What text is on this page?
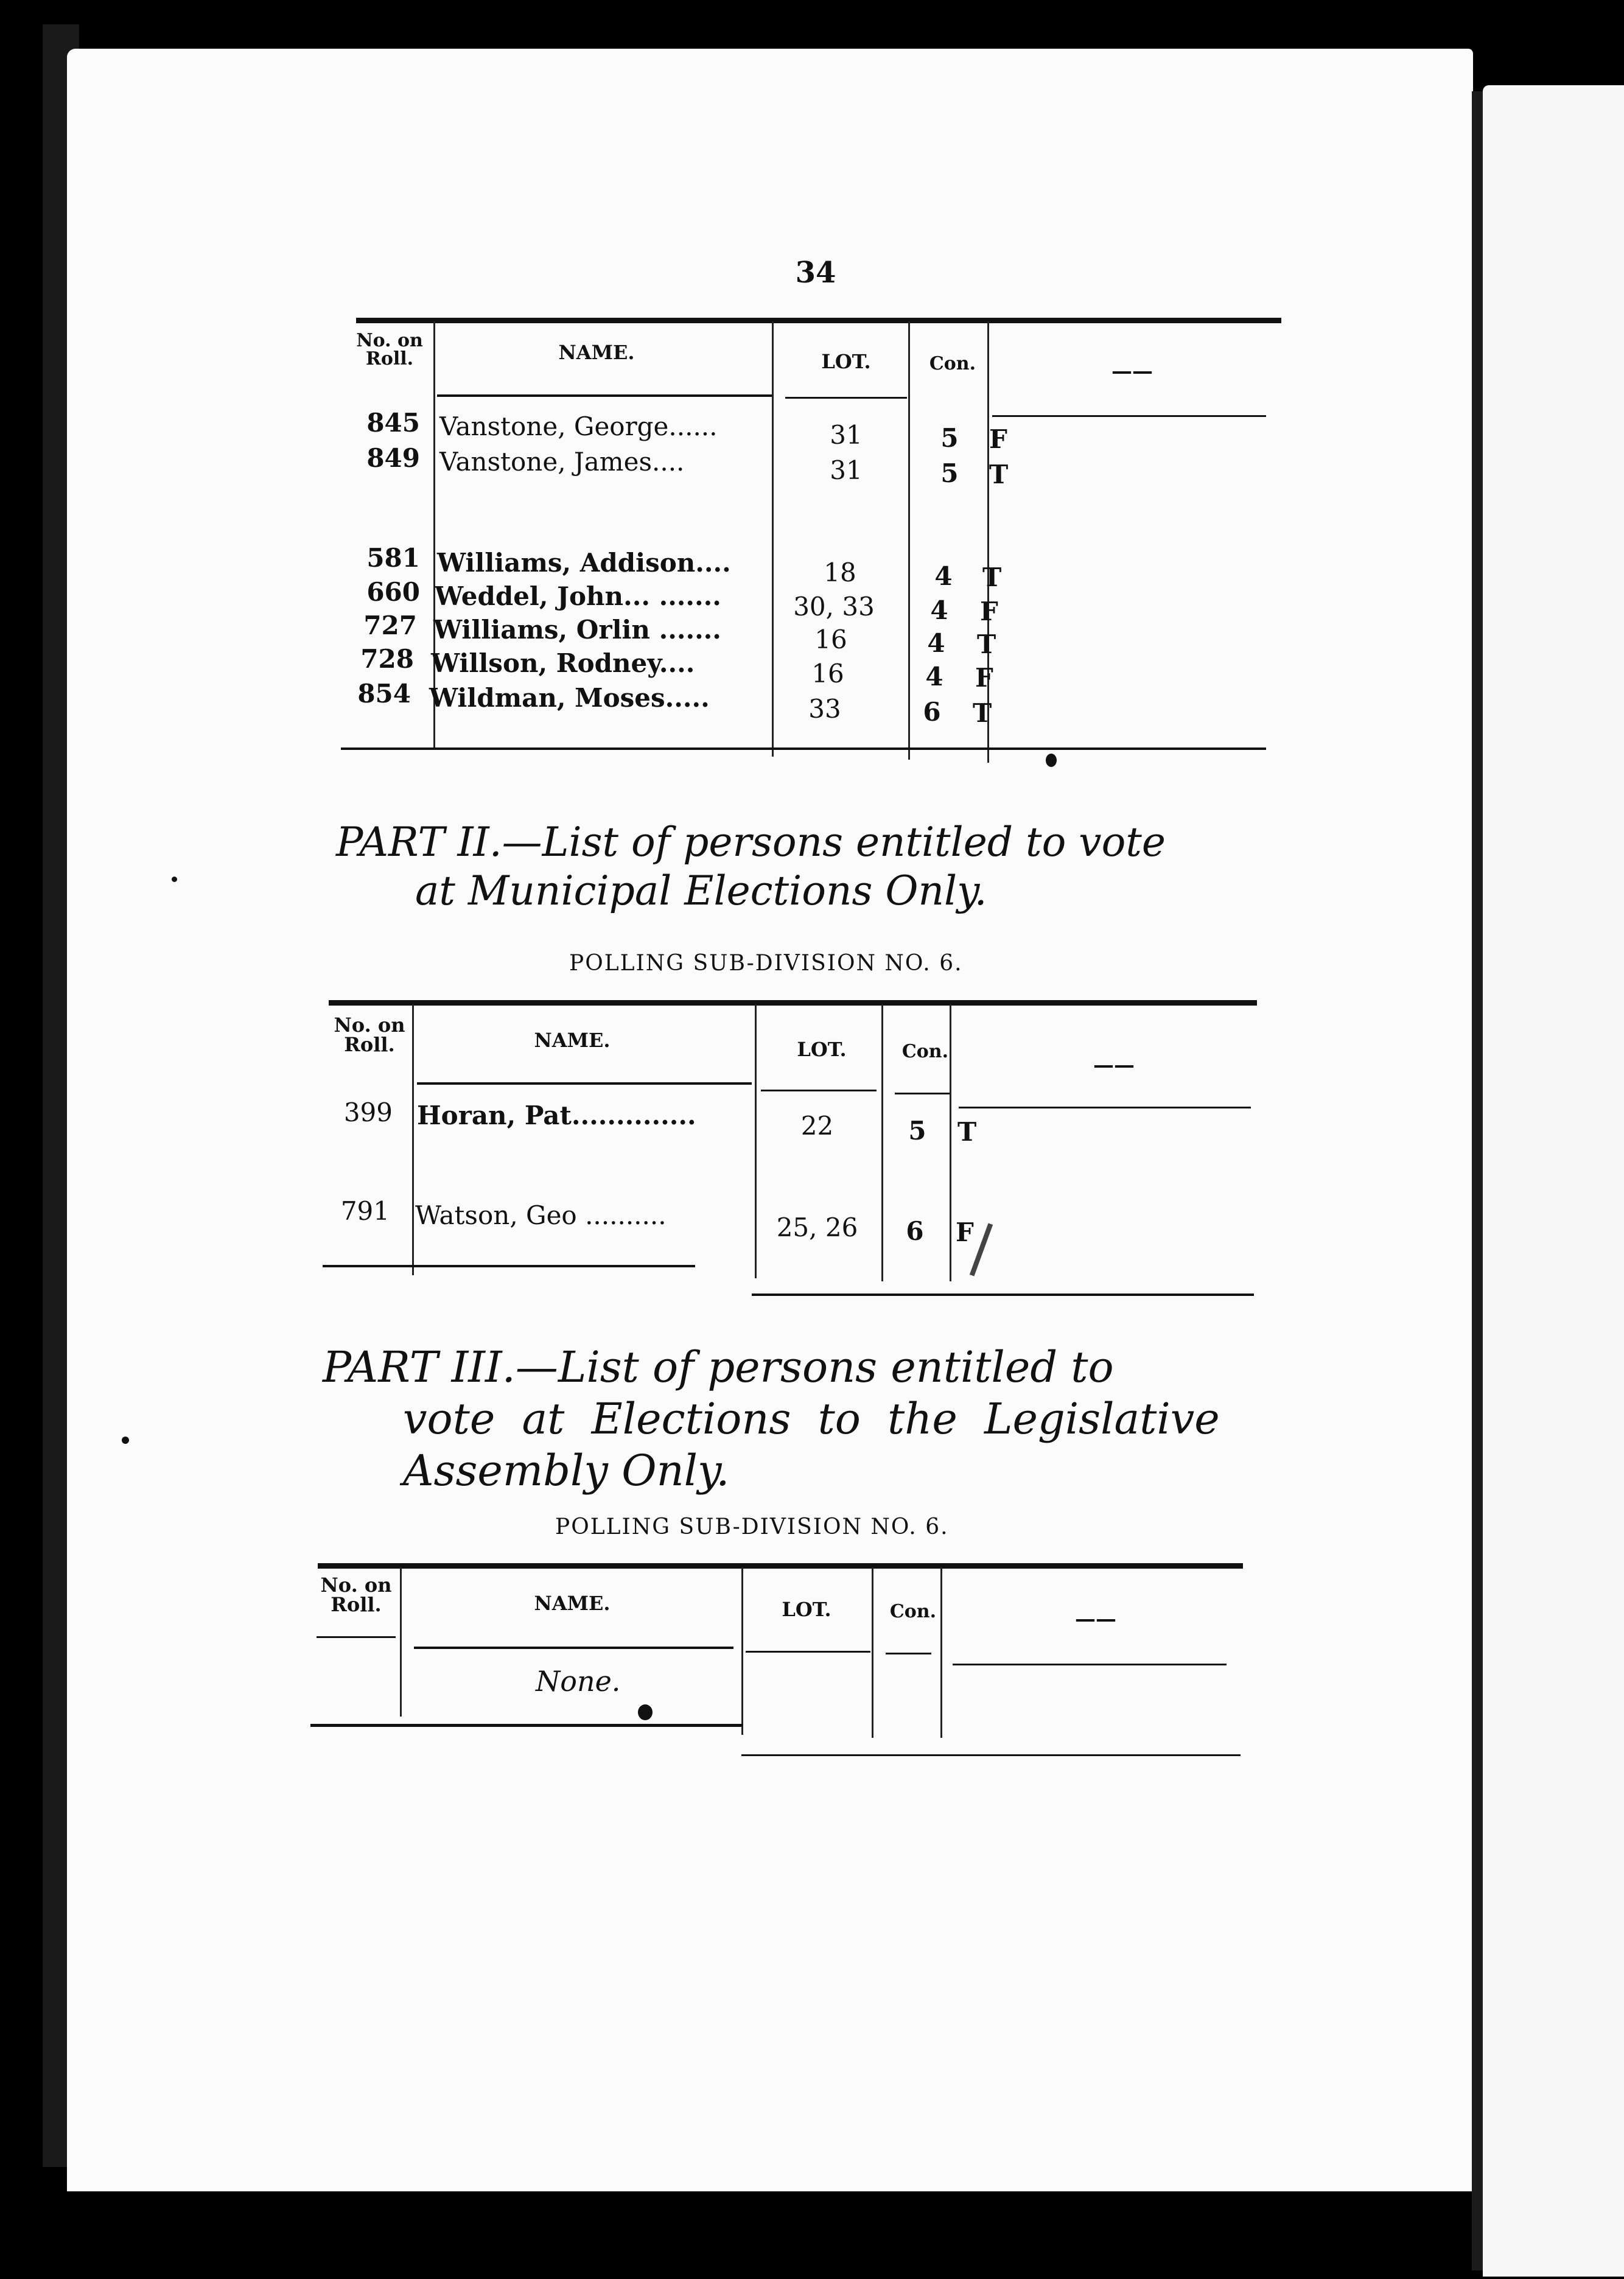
34
No. on
Roll.	NAME.	LOT.	Con.	——
845 Vanstone, George......	31	5	F
849 Vanstone, James....	31	5	T
581 Williams, Addison....	18	4	T
660 Weddel, John... .......	30, 33	4	F
727 Williams, Orlin .......	16	4	T
728 Willson, Rodney....	16	4	F
854 Wildman, Moses.....	33	6	T
PART II.—List of persons entitled to vote
at Municipal Elections Only.
POLLING SUB-DIVISION NO. 6.
No. on
Roll.	NAME.	LOT.	Con.
——
399 Horan, Pat..............	22	5	T
791 Watson, Geo ..........	25, 26	6	F
PART III.—List of persons entitled to
vote at Elections to the Legislative
Assembly Only.
POLLING SUB-DIVISION NO. 6.
No. on
Roll.	NAME.	LOT.	Con.	——
None.
